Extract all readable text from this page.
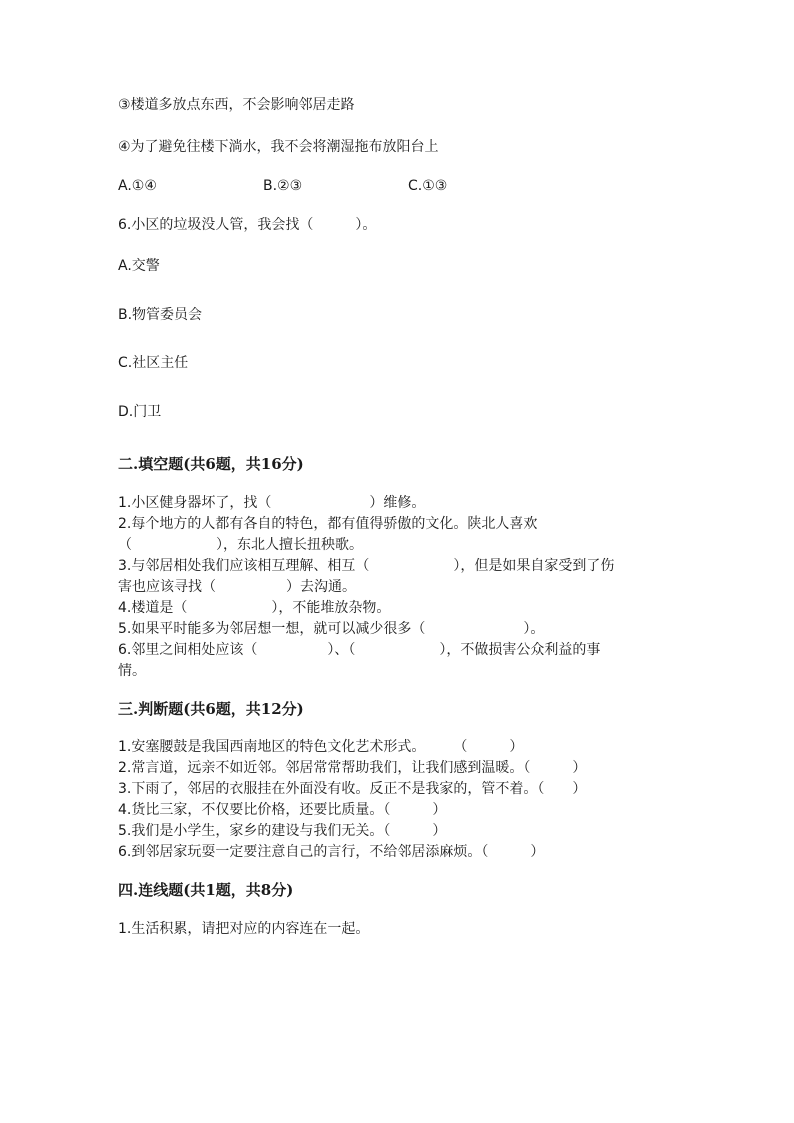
③楼道多放点东西，不会影响邻居走路
④为了避免往楼下淌水，我不会将潮湿拖布放阳台上
A.①④	B.②③	C.①③
6.小区的垃圾没人管，我会找（　　　）。
A.交警
B.物管委员会
C.社区主任
D.门卫
二.填空题(共6题，共16分)
1.小区健身器坏了，找（　　　　　　　）维修。
2.每个地方的人都有各自的特色，都有值得骄傲的文化。陕北人喜欢
（　　　　　　），东北人擅长扭秧歌。
3.与邻居相处我们应该相互理解、相互（　　　　　　），但是如果自家受到了伤
害也应该寻找（　　　　　）去沟通。
4.楼道是（　　　　　　），不能堆放杂物。
5.如果平时能多为邻居想一想，就可以减少很多（　　　　　　　）。
6.邻里之间相处应该（　　　　　）、（　　　　　　），不做损害公众利益的事
情。
三.判断题(共6题，共12分)
1.安塞腰鼓是我国西南地区的特色文化艺术形式。　　　（　　　）
2.常言道，远亲不如近邻。邻居常常帮助我们，让我们感到温暖。（　　　）
3.下雨了，邻居的衣服挂在外面没有收。反正不是我家的，管不着。（　　）
4.货比三家，不仅要比价格，还要比质量。（　　　）
5.我们是小学生，家乡的建设与我们无关。（　　　）
6.到邻居家玩耍一定要注意自己的言行，不给邻居添麻烦。（　　　）
四.连线题(共1题，共8分)
1.生活积累，请把对应的内容连在一起。
